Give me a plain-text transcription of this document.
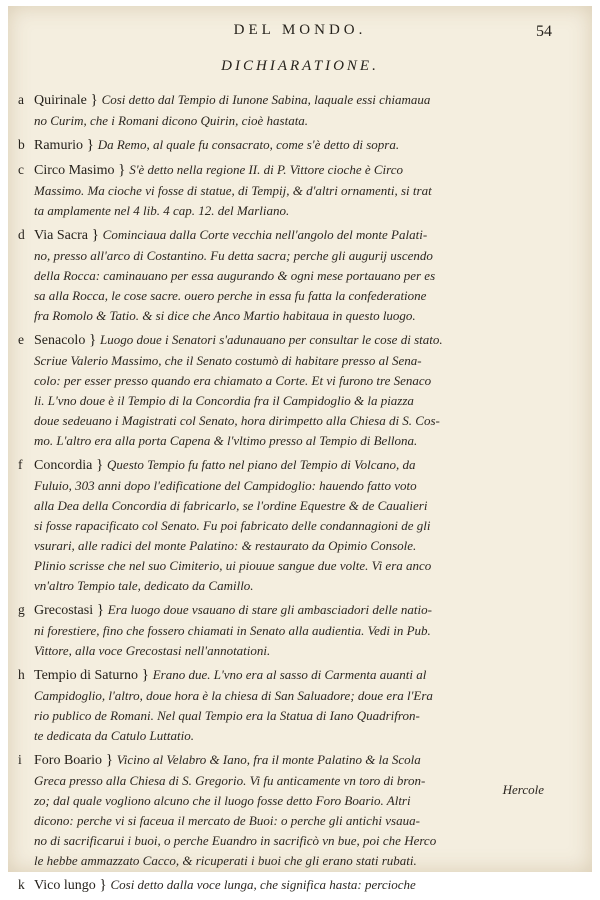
DEL MONDO.	54
DICHIARATIONE.
a Quirinale } Cosi detto dal Tempio di Iunone Sabina, laquale essi chiamaua
no Curim, che i Romani dicono Quirin, cioè hastata.
b Ramurio } Da Remo, al quale fu consacrato, come s'è detto di sopra.
c Circo Masimo } S'è detto nella regione II. di P. Vittore cioche è Circo
Massimo. Ma cioche vi fosse di statue, di Tempij, & d'altri ornamenti, si trat
ta amplamente nel 4 lib. 4 cap. 12. del Marliano.
d Via Sacra } Cominciaua dalla Corte vecchia nell'angolo del monte Palati-
no, presso all'arco di Costantino. Fu detta sacra; perche gli augurij uscendo
della Rocca: caminauano per essa augurando & ogni mese portauano per es
sa alla Rocca, le cose sacre. ouero perche in essa fu fatta la confederatione
fra Romolo & Tatio. & si dice che Anco Martio habitaua in questo luogo.
e Senacolo } Luogo doue i Senatori s'adunauano per consultar le cose di stato.
Scriue Valerio Massimo, che il Senato costumò di habitare presso al Sena-
colo: per esser presso quando era chiamato a Corte. Et vi furono tre Senaco
li. L'vno doue è il Tempio di la Concordia fra il Campidoglio & la piazza
doue sedeuano i Magistrati col Senato, hora dirimpetto alla Chiesa di S. Cos-
mo. L'altro era alla porta Capena & l'vltimo presso al Tempio di Bellona.
f Concordia } Questo Tempio fu fatto nel piano del Tempio di Volcano, da
Fuluio, 303 anni dopo l'edificatione del Campidoglio: hauendo fatto voto
alla Dea della Concordia di fabricarlo, se l'ordine Equestre & de Caualieri
si fosse rapacificato col Senato. Fu poi fabricato delle condannagioni de gli
vsurari, alle radici del monte Palatino: & restaurato da Opimio Console.
Plinio scrisse che nel suo Cimiterio, ui piouue sangue due volte. Vi era anco
vn'altro Tempio tale, dedicato da Camillo.
g Grecostasi } Era luogo doue vsauano di stare gli ambasciadori delle natio-
ni forestiere, fino che fossero chiamati in Senato alla audientia. Vedi in Pub.
Vittore, alla voce Grecostasi nell'annotationi.
h Tempio di Saturno } Erano due. L'vno era al sasso di Carmenta auanti al
Campidoglio, l'altro, doue hora è la chiesa di San Saluadore; doue era l'Era
rio publico de Romani. Nel qual Tempio era la Statua di Iano Quadrifron-
te dedicata da Catulo Luttatio.
i Foro Boario } Vicino al Velabro & Iano, fra il monte Palatino & la Scola
Greca presso alla Chiesa di S. Gregorio. Vi fu anticamente vn toro di bron-
zo; dal quale vogliono alcuno che il luogo fosse detto Foro Boario. Altri
dicono: perche vi si faceua il mercato de Buoi: o perche gli antichi vsaua-
no di sacrificarui i buoi, o perche Euandro in sacrificò vn bue, poi che Herco
le hebbe ammazzato Cacco, & ricuperati i buoi che gli erano stati rubati.
k Vico lungo } Cosi detto dalla voce lunga, che significa hasta: percioche
Hercole
